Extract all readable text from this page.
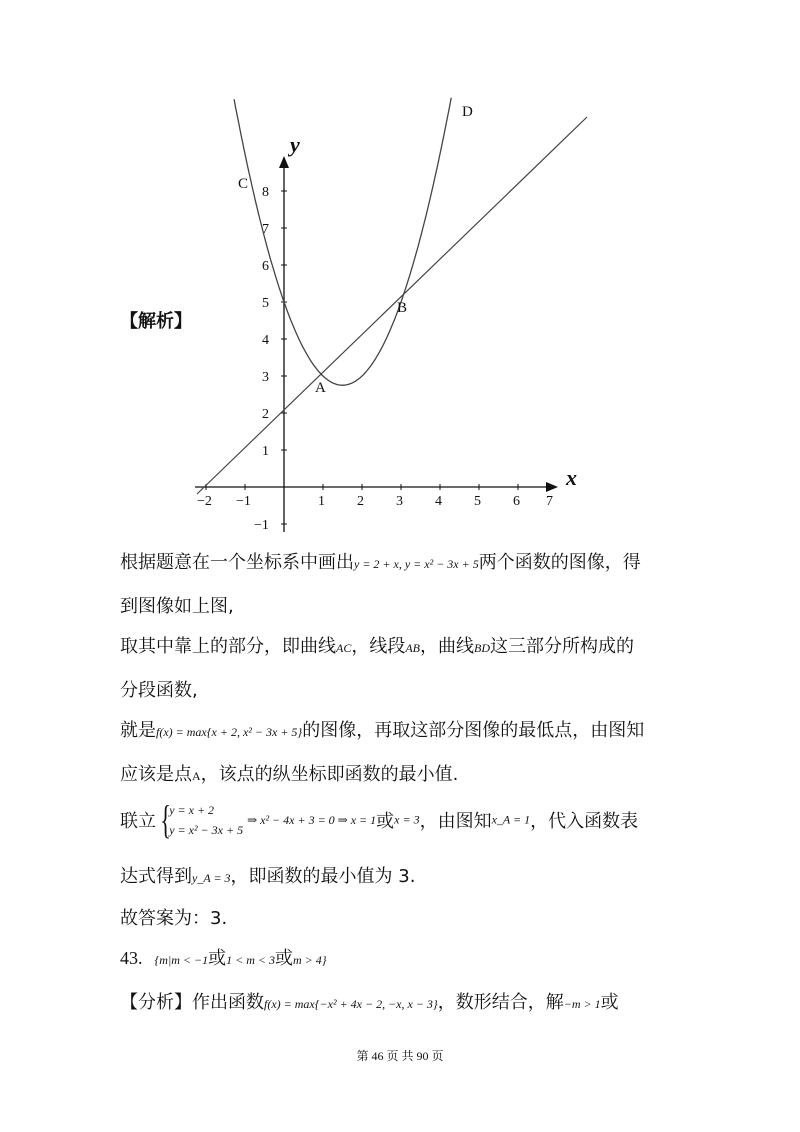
x
y
−2 −1	1 2 3 4 5 6 7
−1
1
2
3
4
5
6
7
8
A
B
C
D
【解析】
根据题意在一个坐标系中画出y = 2 + x, y = x² − 3x + 5两个函数的图像，得
到图像如上图,
取其中靠上的部分，即曲线AC，线段AB，曲线BD这三部分所构成的
分段函数,
就是f(x) = max{x + 2, x² − 3x + 5}的图像，再取这部分图像的最低点，由图知
应该是点A，该点的纵坐标即函数的最小值.
联立 {y = x + 2
y = x² − 3x + 5⇒ x² − 4x + 3 = 0 ⇒ x = 1或x = 3，由图知x_A = 1，代入函数表
达式得到y_A = 3，即函数的最小值为 3.
故答案为：3.
43. {m|m < −1或1 < m < 3或m > 4}
【分析】作出函数f(x) = max{−x² + 4x − 2, −x, x − 3}，数形结合，解−m > 1或
第 46 页 共 90 页
